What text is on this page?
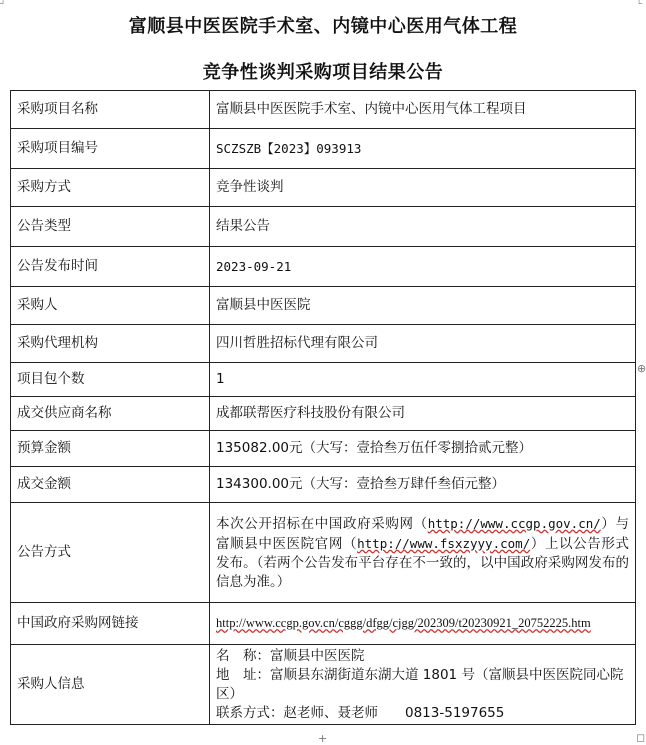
┘	└
富顺县中医医院手术室、内镜中心医用气体工程
竞争性谈判采购项目结果公告
采购项目名称	富顺县中医医院手术室、内镜中心医用气体工程项目
采购项目编号	SCZSZB【2023】093913
采购方式	竞争性谈判
公告类型	结果公告
公告发布时间	2023-09-21
采购人	富顺县中医医院
采购代理机构	四川哲胜招标代理有限公司
项目包个数	1
成交供应商名称	成都联帮医疗科技股份有限公司
预算金额	135082.00元（大写：壹拾叁万伍仟零捌拾贰元整）
成交金额	134300.00元（大写：壹拾叁万肆仟叁佰元整）
公告方式	本次公开招标在中国政府采购网（http://www.ccgp.gov.cn/）与富顺县中医医院官网（http://www.fsxzyyy.com/）上以公告形式发布。（若两个公告发布平台存在不一致的，以中国政府采购网发布的信息为准。）
中国政府采购网链接	http://www.ccgp.gov.cn/cggg/dfgg/cjgg/202309/t20230921_20752225.htm
采购人信息	名　称：富顺县中医医院
地　址：富顺县东湖街道东湖大道 1801 号（富顺县中医医院同心院区）
联系方式：赵老师、聂老师　　0813-5197655
⊕
+	◻
